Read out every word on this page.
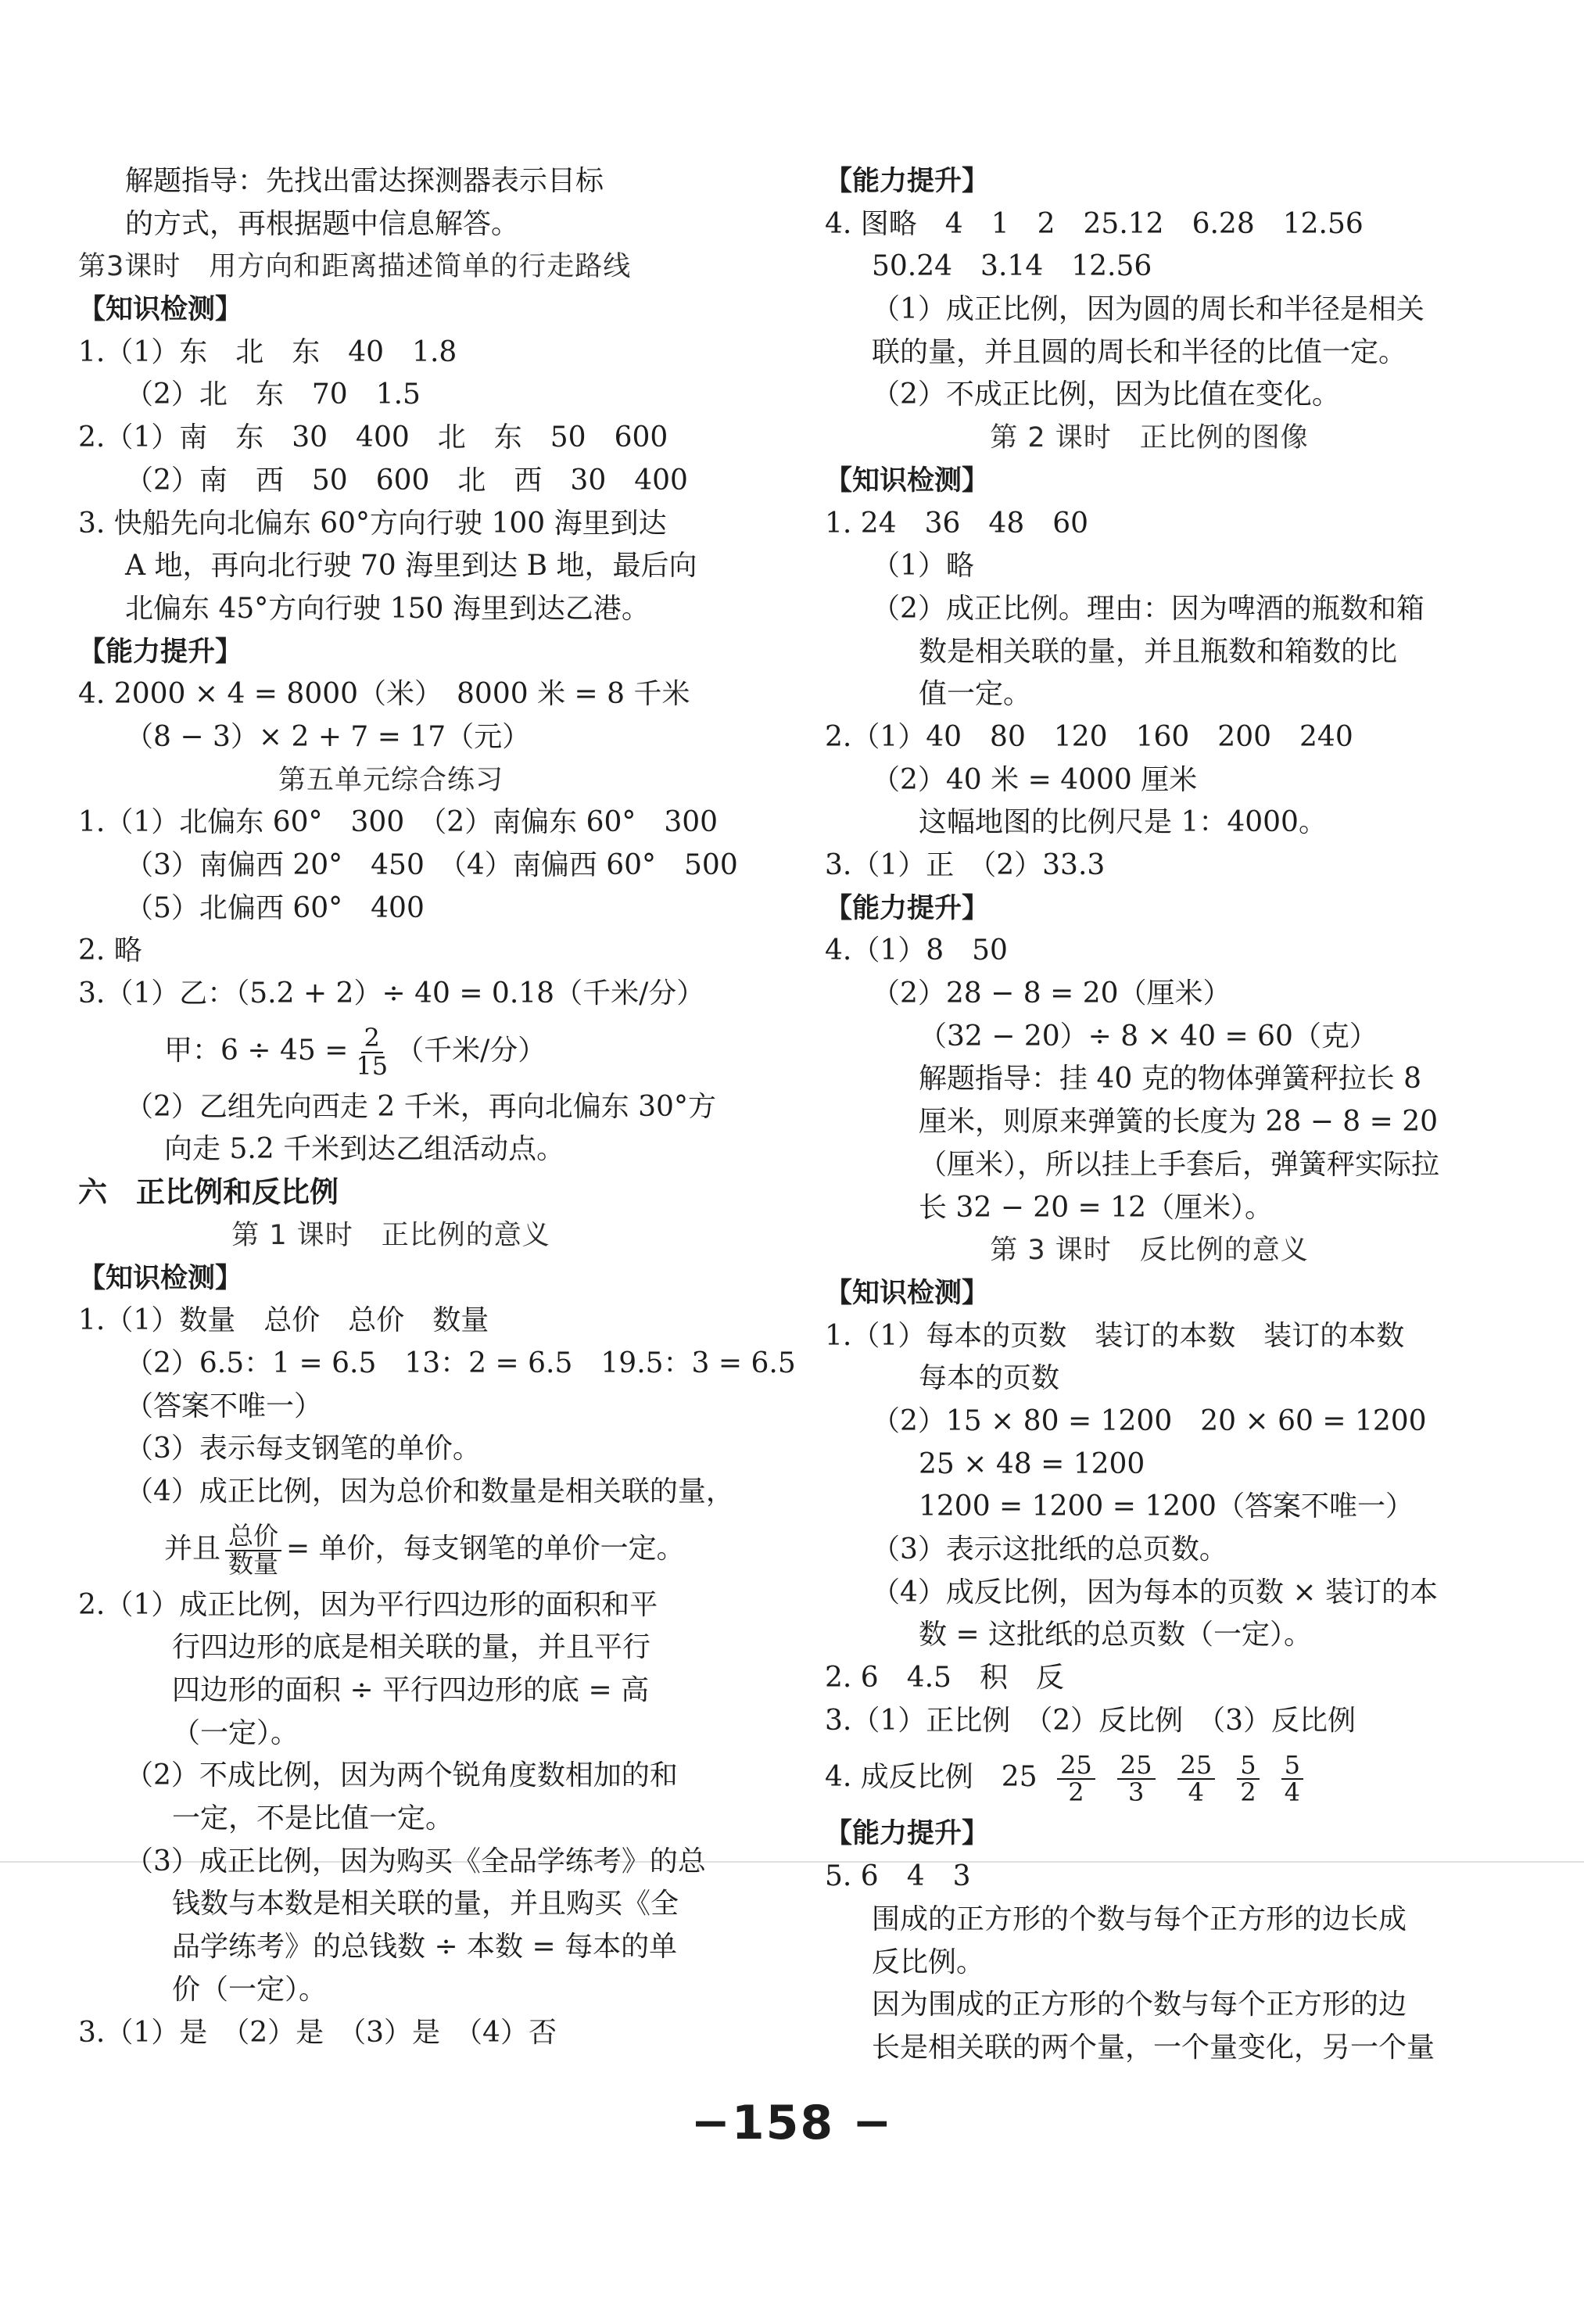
解题指导：先找出雷达探测器表示目标
的方式，再根据题中信息解答。
第3课时　用方向和距离描述简单的行走路线
【知识检测】
1.（1）东　北　东　40　1.8
（2）北　东　70　1.5
2.（1）南　东　30　400　北　东　50　600
（2）南　西　50　600　北　西　30　400
3. 快船先向北偏东 60°方向行驶 100 海里到达
A 地，再向北行驶 70 海里到达 B 地，最后向
北偏东 45°方向行驶 150 海里到达乙港。
【能力提升】
4. 2000 × 4 = 8000（米）　8000 米 = 8 千米
（8 − 3）× 2 + 7 = 17（元）
第五单元综合练习
1.（1）北偏东 60°　300　（2）南偏东 60°　300
（3）南偏西 20°　450　（4）南偏西 60°　500
（5）北偏西 60°　400
2. 略
3.（1）乙：（5.2 + 2）÷ 40 = 0.18（千米/分）
甲：$6 \div 45 = \frac{2}{15}$ （千米/分）
（2）乙组先向西走 2 千米，再向北偏东 30°方
向走 5.2 千米到达乙组活动点。
六　正比例和反比例
第 1 课时　正比例的意义
【知识检测】
1.（1）数量　总价　总价　数量
（2）6.5：1 = 6.5　13：2 = 6.5　19.5：3 = 6.5
（答案不唯一）
（3）表示每支钢笔的单价。
（4）成正比例，因为总价和数量是相关联的量，
并且 $\frac{\text{总价}}{\text{数量}}$ = 单价，每支钢笔的单价一定。
2.（1）成正比例，因为平行四边形的面积和平
行四边形的底是相关联的量，并且平行
四边形的面积 ÷ 平行四边形的底 = 高
（一定）。
（2）不成比例，因为两个锐角度数相加的和
一定，不是比值一定。
（3）成正比例，因为购买《全品学练考》的总
钱数与本数是相关联的量，并且购买《全
品学练考》的总钱数 ÷ 本数 = 每本的单
价（一定）。
3.（1）是　（2）是　（3）是　（4）否
【能力提升】
4. 图略　4　1　2　25.12　6.28　12.56
50.24　3.14　12.56
（1）成正比例，因为圆的周长和半径是相关
联的量，并且圆的周长和半径的比值一定。
（2）不成正比例，因为比值在变化。
第 2 课时　正比例的图像
【知识检测】
1. 24　36　48　60
（1）略
（2）成正比例。理由：因为啤酒的瓶数和箱
数是相关联的量，并且瓶数和箱数的比
值一定。
2.（1）40　80　120　160　200　240
（2）40 米 = 4000 厘米
这幅地图的比例尺是 1：4000。
3.（1）正　（2）33.3
【能力提升】
4.（1）8　50
（2）28 − 8 = 20（厘米）
（32 − 20）÷ 8 × 40 = 60（克）
解题指导：挂 40 克的物体弹簧秤拉长 8
厘米，则原来弹簧的长度为 28 − 8 = 20
（厘米），所以挂上手套后，弹簧秤实际拉
长 32 − 20 = 12（厘米）。
第 3 课时　反比例的意义
【知识检测】
1.（1）每本的页数　装订的本数　装订的本数
每本的页数
（2）15 × 80 = 1200　20 × 60 = 1200
25 × 48 = 1200
1200 = 1200 = 1200（答案不唯一）
（3）表示这批纸的总页数。
（4）成反比例，因为每本的页数 × 装订的本
数 = 这批纸的总页数（一定）。
2. 6　4.5　积　反
3.（1）正比例　（2）反比例　（3）反比例
4. 成反比例　$25 \frac{25}{2} \frac{25}{3} \frac{25}{4} \frac{5}{2} \frac{5}{4}$
【能力提升】
5. 6　4　3
围成的正方形的个数与每个正方形的边长成
反比例。
因为围成的正方形的个数与每个正方形的边
长是相关联的两个量，一个量变化，另一个量
−158 −
